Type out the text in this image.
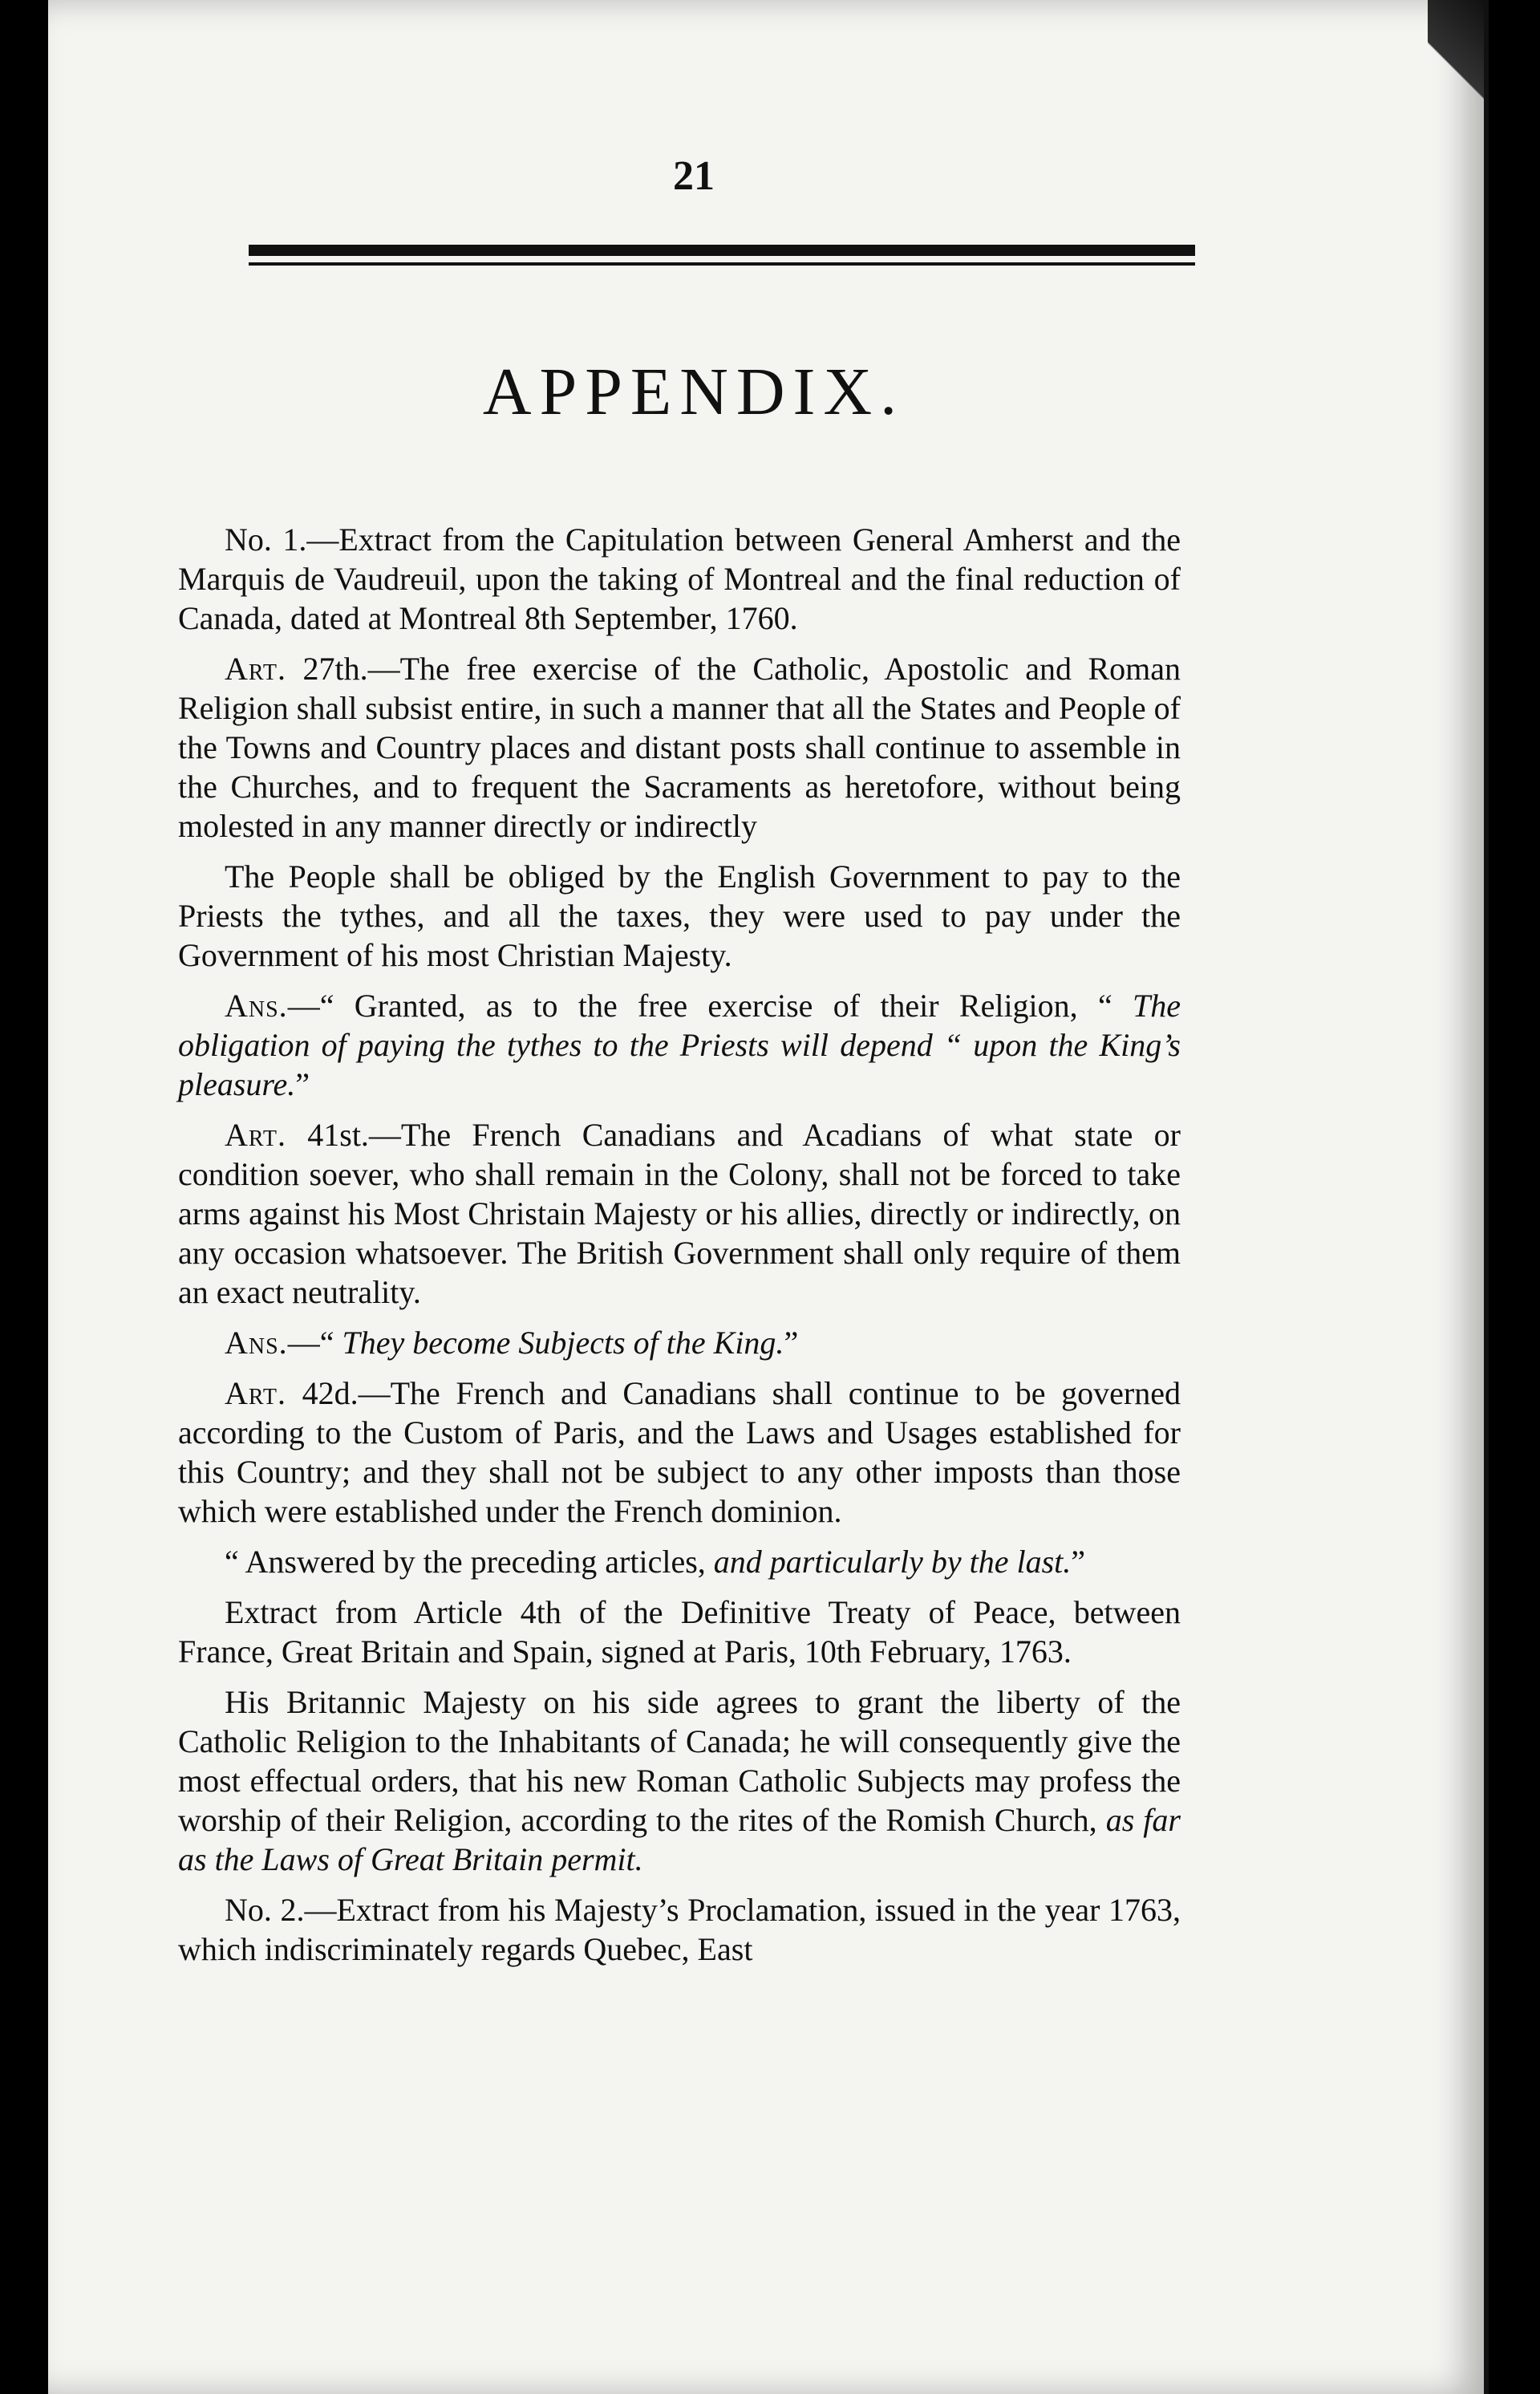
21
APPENDIX.

No. 1.—Extract from the Capitulation between General Amherst and the Marquis de Vaudreuil, upon the taking of Montreal and the final reduction of Canada, dated at Montreal 8th September, 1760.

Art. 27th.—The free exercise of the Catholic, Apostolic and Roman Religion shall subsist entire, in such a manner that all the States and People of the Towns and Country places and distant posts shall continue to assemble in the Churches, and to frequent the Sacraments as heretofore, without being molested in any manner directly or indirectly

The People shall be obliged by the English Government to pay to the Priests the tythes, and all the taxes, they were used to pay under the Government of his most Christian Majesty.

Ans.—“ Granted, as to the free exercise of their Religion, “ The obligation of paying the tythes to the Priests will depend “ upon the King’s pleasure.”

Art. 41st.—The French Canadians and Acadians of what state or condition soever, who shall remain in the Colony, shall not be forced to take arms against his Most Christain Majesty or his allies, directly or indirectly, on any occasion whatsoever. The British Government shall only require of them an exact neutrality.

Ans.—“ They become Subjects of the King.”

Art. 42d.—The French and Canadians shall continue to be governed according to the Custom of Paris, and the Laws and Usages established for this Country; and they shall not be subject to any other imposts than those which were established under the French dominion.

“ Answered by the preceding articles, and particularly by the last.”

Extract from Article 4th of the Definitive Treaty of Peace, between France, Great Britain and Spain, signed at Paris, 10th February, 1763.

His Britannic Majesty on his side agrees to grant the liberty of the Catholic Religion to the Inhabitants of Canada; he will consequently give the most effectual orders, that his new Roman Catholic Subjects may profess the worship of their Religion, according to the rites of the Romish Church, as far as the Laws of Great Britain permit.

No. 2.—Extract from his Majesty’s Proclamation, issued in the year 1763, which indiscriminately regards Quebec, East
